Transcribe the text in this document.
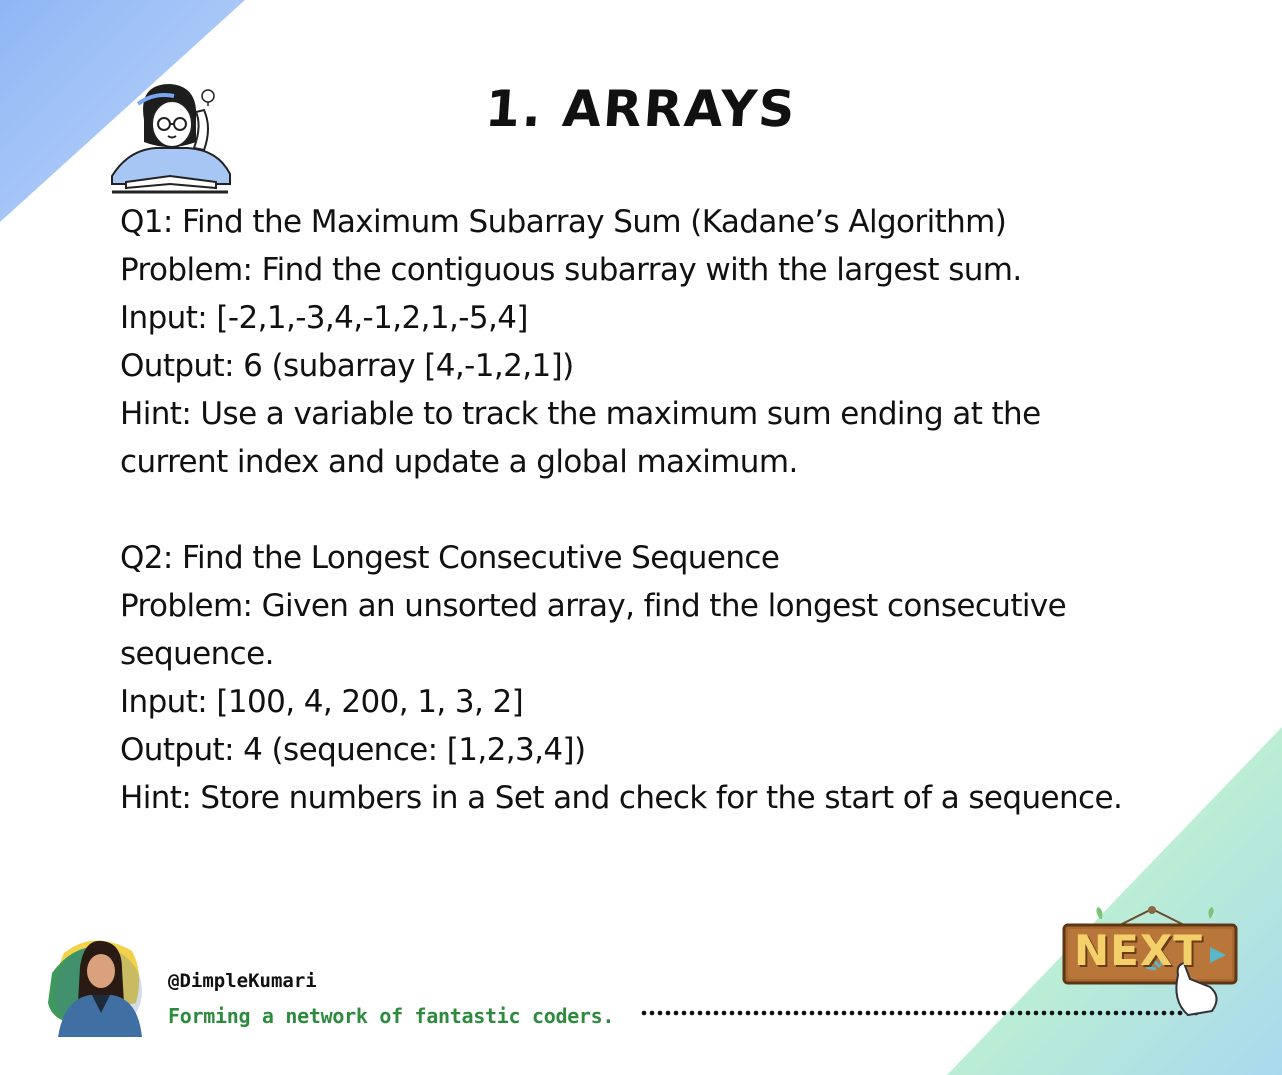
1. ARRAYS
Q1: Find the Maximum Subarray Sum (Kadane’s Algorithm)
Problem: Find the contiguous subarray with the largest sum.
Input: [-2,1,-3,4,-1,2,1,-5,4]
Output: 6 (subarray [4,-1,2,1])
Hint: Use a variable to track the maximum sum ending at the
current index and update a global maximum.
Q2: Find the Longest Consecutive Sequence
Problem: Given an unsorted array, find the longest consecutive
sequence.
Input: [100, 4, 200, 1, 3, 2]
Output: 4 (sequence: [1,2,3,4])
Hint: Store numbers in a Set and check for the start of a sequence.
@DimpleKumari
Forming a network of fantastic coders.
NEXT
